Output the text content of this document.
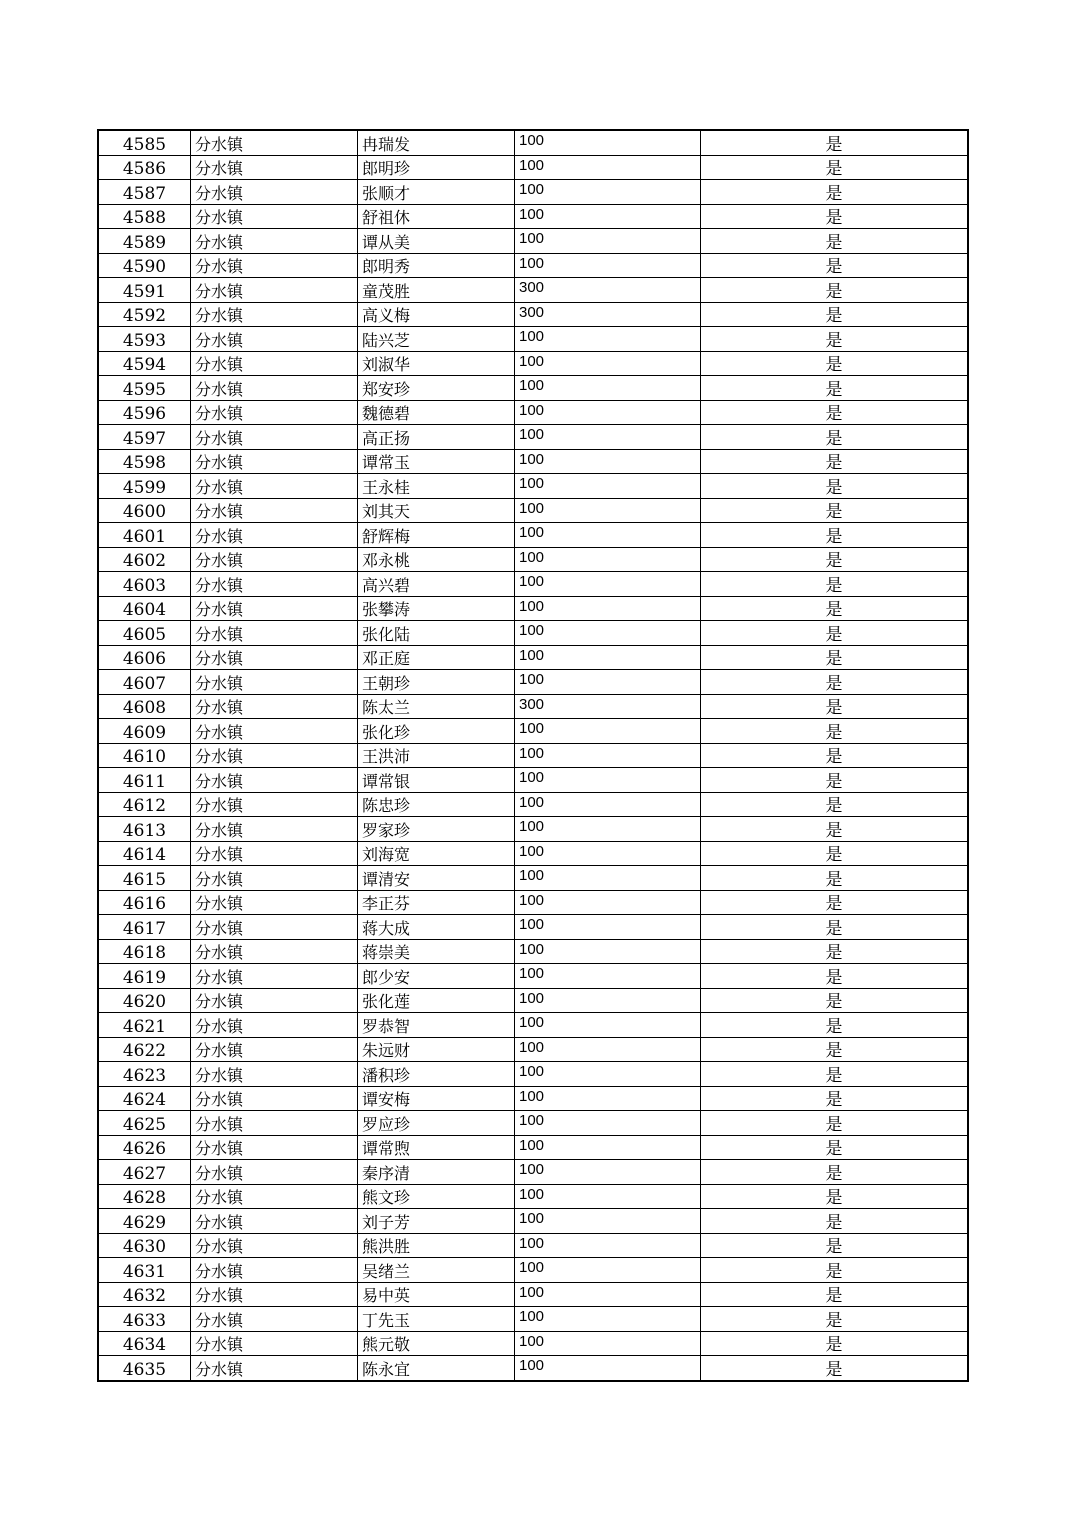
4585	分水镇	冉瑞发	100	是
4586	分水镇	郎明珍	100	是
4587	分水镇	张顺才	100	是
4588	分水镇	舒祖休	100	是
4589	分水镇	谭从美	100	是
4590	分水镇	郎明秀	100	是
4591	分水镇	童茂胜	300	是
4592	分水镇	高义梅	300	是
4593	分水镇	陆兴芝	100	是
4594	分水镇	刘淑华	100	是
4595	分水镇	郑安珍	100	是
4596	分水镇	魏德碧	100	是
4597	分水镇	高正扬	100	是
4598	分水镇	谭常玉	100	是
4599	分水镇	王永桂	100	是
4600	分水镇	刘其天	100	是
4601	分水镇	舒辉梅	100	是
4602	分水镇	邓永桃	100	是
4603	分水镇	高兴碧	100	是
4604	分水镇	张攀涛	100	是
4605	分水镇	张化陆	100	是
4606	分水镇	邓正庭	100	是
4607	分水镇	王朝珍	100	是
4608	分水镇	陈太兰	300	是
4609	分水镇	张化珍	100	是
4610	分水镇	王洪沛	100	是
4611	分水镇	谭常银	100	是
4612	分水镇	陈忠珍	100	是
4613	分水镇	罗家珍	100	是
4614	分水镇	刘海宽	100	是
4615	分水镇	谭清安	100	是
4616	分水镇	李正芬	100	是
4617	分水镇	蒋大成	100	是
4618	分水镇	蒋崇美	100	是
4619	分水镇	郎少安	100	是
4620	分水镇	张化莲	100	是
4621	分水镇	罗恭智	100	是
4622	分水镇	朱远财	100	是
4623	分水镇	潘积珍	100	是
4624	分水镇	谭安梅	100	是
4625	分水镇	罗应珍	100	是
4626	分水镇	谭常煦	100	是
4627	分水镇	秦序清	100	是
4628	分水镇	熊文珍	100	是
4629	分水镇	刘子芳	100	是
4630	分水镇	熊洪胜	100	是
4631	分水镇	吴绪兰	100	是
4632	分水镇	易中英	100	是
4633	分水镇	丁先玉	100	是
4634	分水镇	熊元敬	100	是
4635	分水镇	陈永宜	100	是
